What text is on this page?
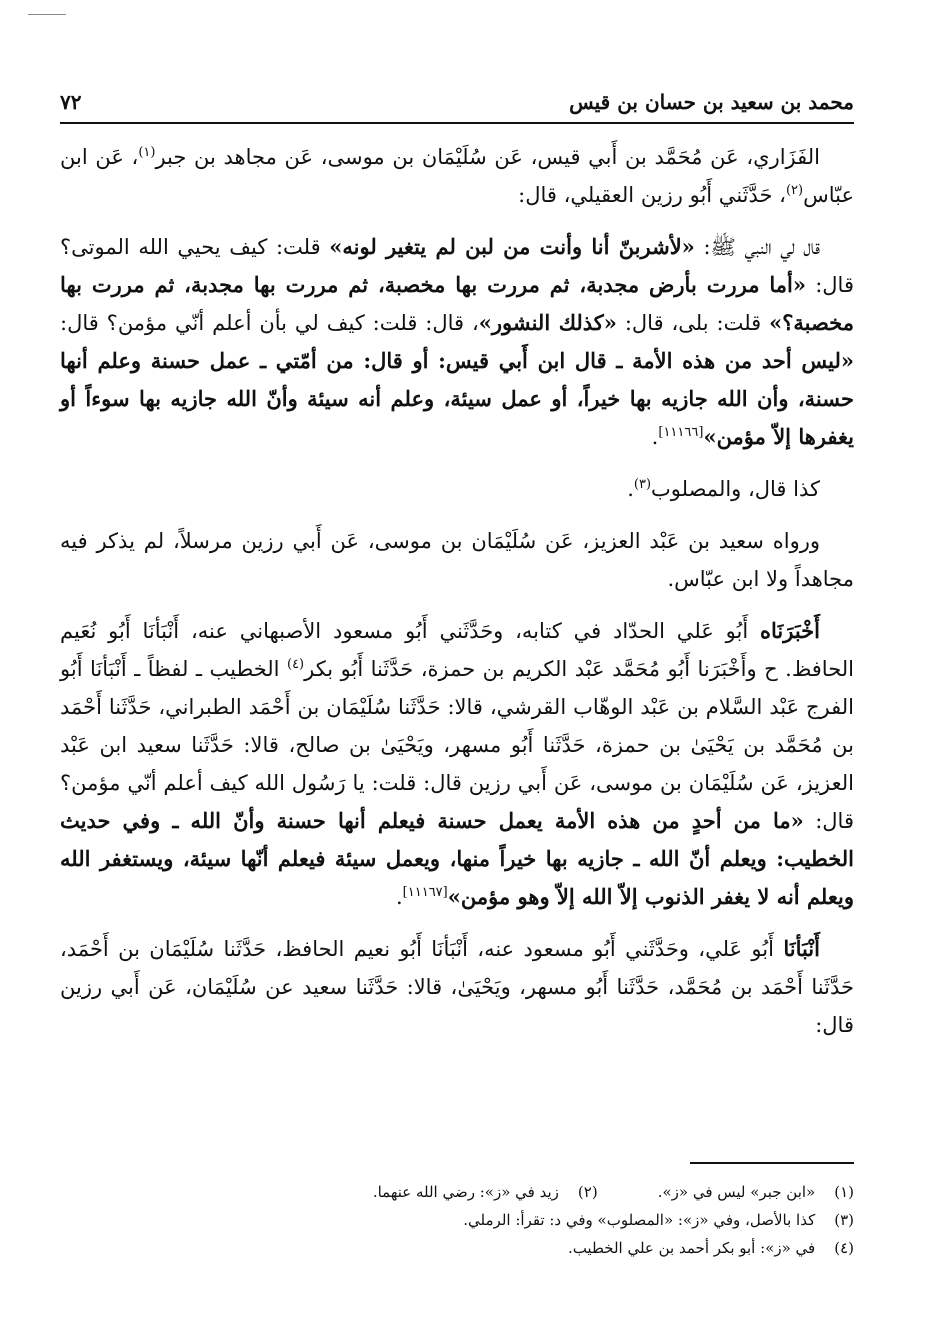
محمد بن سعيد بن حسان بن قيس
٧٢

الفَزَاري، عَن مُحَمَّد بن أَبي قيس، عَن سُلَيْمَان بن موسى، عَن مجاهد بن جبر$^{(١)}$، عَن ابن عبّاس$^{(٢)}$، حَدَّثَني أَبُو رزين العقيلي، قال:

قال لي النبي ﷺ: «لأشربنّ أنا وأنت من لبن لم يتغير لونه» قلت: كيف يحيي الله الموتى؟ قال: «أما مررت بأرض مجدبة، ثم مررت بها مخصبة، ثم مررت بها مجدبة، ثم مررت بها مخصبة؟» قلت: بلى، قال: «كذلك النشور»، قال: قلت: كيف لي بأن أعلم أنّي مؤمن؟ قال: «ليس أحد من هذه الأمة ـ قال ابن أَبي قيس: أو قال: من أمّتي ـ عمل حسنة وعلم أنها حسنة، وأن الله جازيه بها خيراً، أو عمل سيئة، وعلم أنه سيئة وأنّ الله جازيه بها سوءاً أو يغفرها إلاّ مؤمن»[١١١٦٦].

كذا قال، والمصلوب$^{(٣)}$.

ورواه سعيد بن عَبْد العزيز، عَن سُلَيْمَان بن موسى، عَن أَبي رزين مرسلاً، لم يذكر فيه مجاهداً ولا ابن عبّاس.

أَخْبَرَنَاه أَبُو عَلي الحدّاد في كتابه، وحَدَّثَني أَبُو مسعود الأصبهاني عنه، أَنْبَأنَا أَبُو نُعَيم الحافظ. ح وأَخْبَرَنا أَبُو مُحَمَّد عَبْد الكريم بن حمزة، حَدَّثَنا أَبُو بكر$^{(٤)}$ الخطيب ـ لفظاً ـ أَنْبَأنَا أَبُو الفرج عَبْد السَّلام بن عَبْد الوهّاب القرشي، قالا: حَدَّثَنا سُلَيْمَان بن أَحْمَد الطبراني، حَدَّثَنا أَحْمَد بن مُحَمَّد بن يَحْيَىٰ بن حمزة، حَدَّثَنا أَبُو مسهر، ويَحْيَىٰ بن صالح، قالا: حَدَّثَنا سعيد ابن عَبْد العزيز، عَن سُلَيْمَان بن موسى، عَن أَبي رزين قال: قلت: يا رَسُول الله كيف أعلم أنّي مؤمن؟ قال: «ما من أحدٍ من هذه الأمة يعمل حسنة فيعلم أنها حسنة وأنّ الله ـ وفي حديث الخطيب: ويعلم أنّ الله ـ جازيه بها خيراً منها، ويعمل سيئة فيعلم أنّها سيئة، ويستغفر الله ويعلم أنه لا يغفر الذنوب إلاّ الله إلاّ وهو مؤمن»[١١١٦٧].

أَنْبَأنَا أَبُو عَلي، وحَدَّثَني أَبُو مسعود عنه، أَنْبَأنَا أَبُو نعيم الحافظ، حَدَّثَنا سُلَيْمَان بن أَحْمَد، حَدَّثَنا أَحْمَد بن مُحَمَّد، حَدَّثَنا أَبُو مسهر، ويَحْيَىٰ، قالا: حَدَّثَنا سعيد عن سُلَيْمَان، عَن أَبي رزين قال:

(١) «ابن جبر» ليس في «ز».
(٢) زيد في «ز»: رضي الله عنهما.
(٣) كذا بالأصل، وفي «ز»: «المصلوب» وفي د: تقرأ: الرملي.
(٤) في «ز»: أبو بكر أحمد بن علي الخطيب.
